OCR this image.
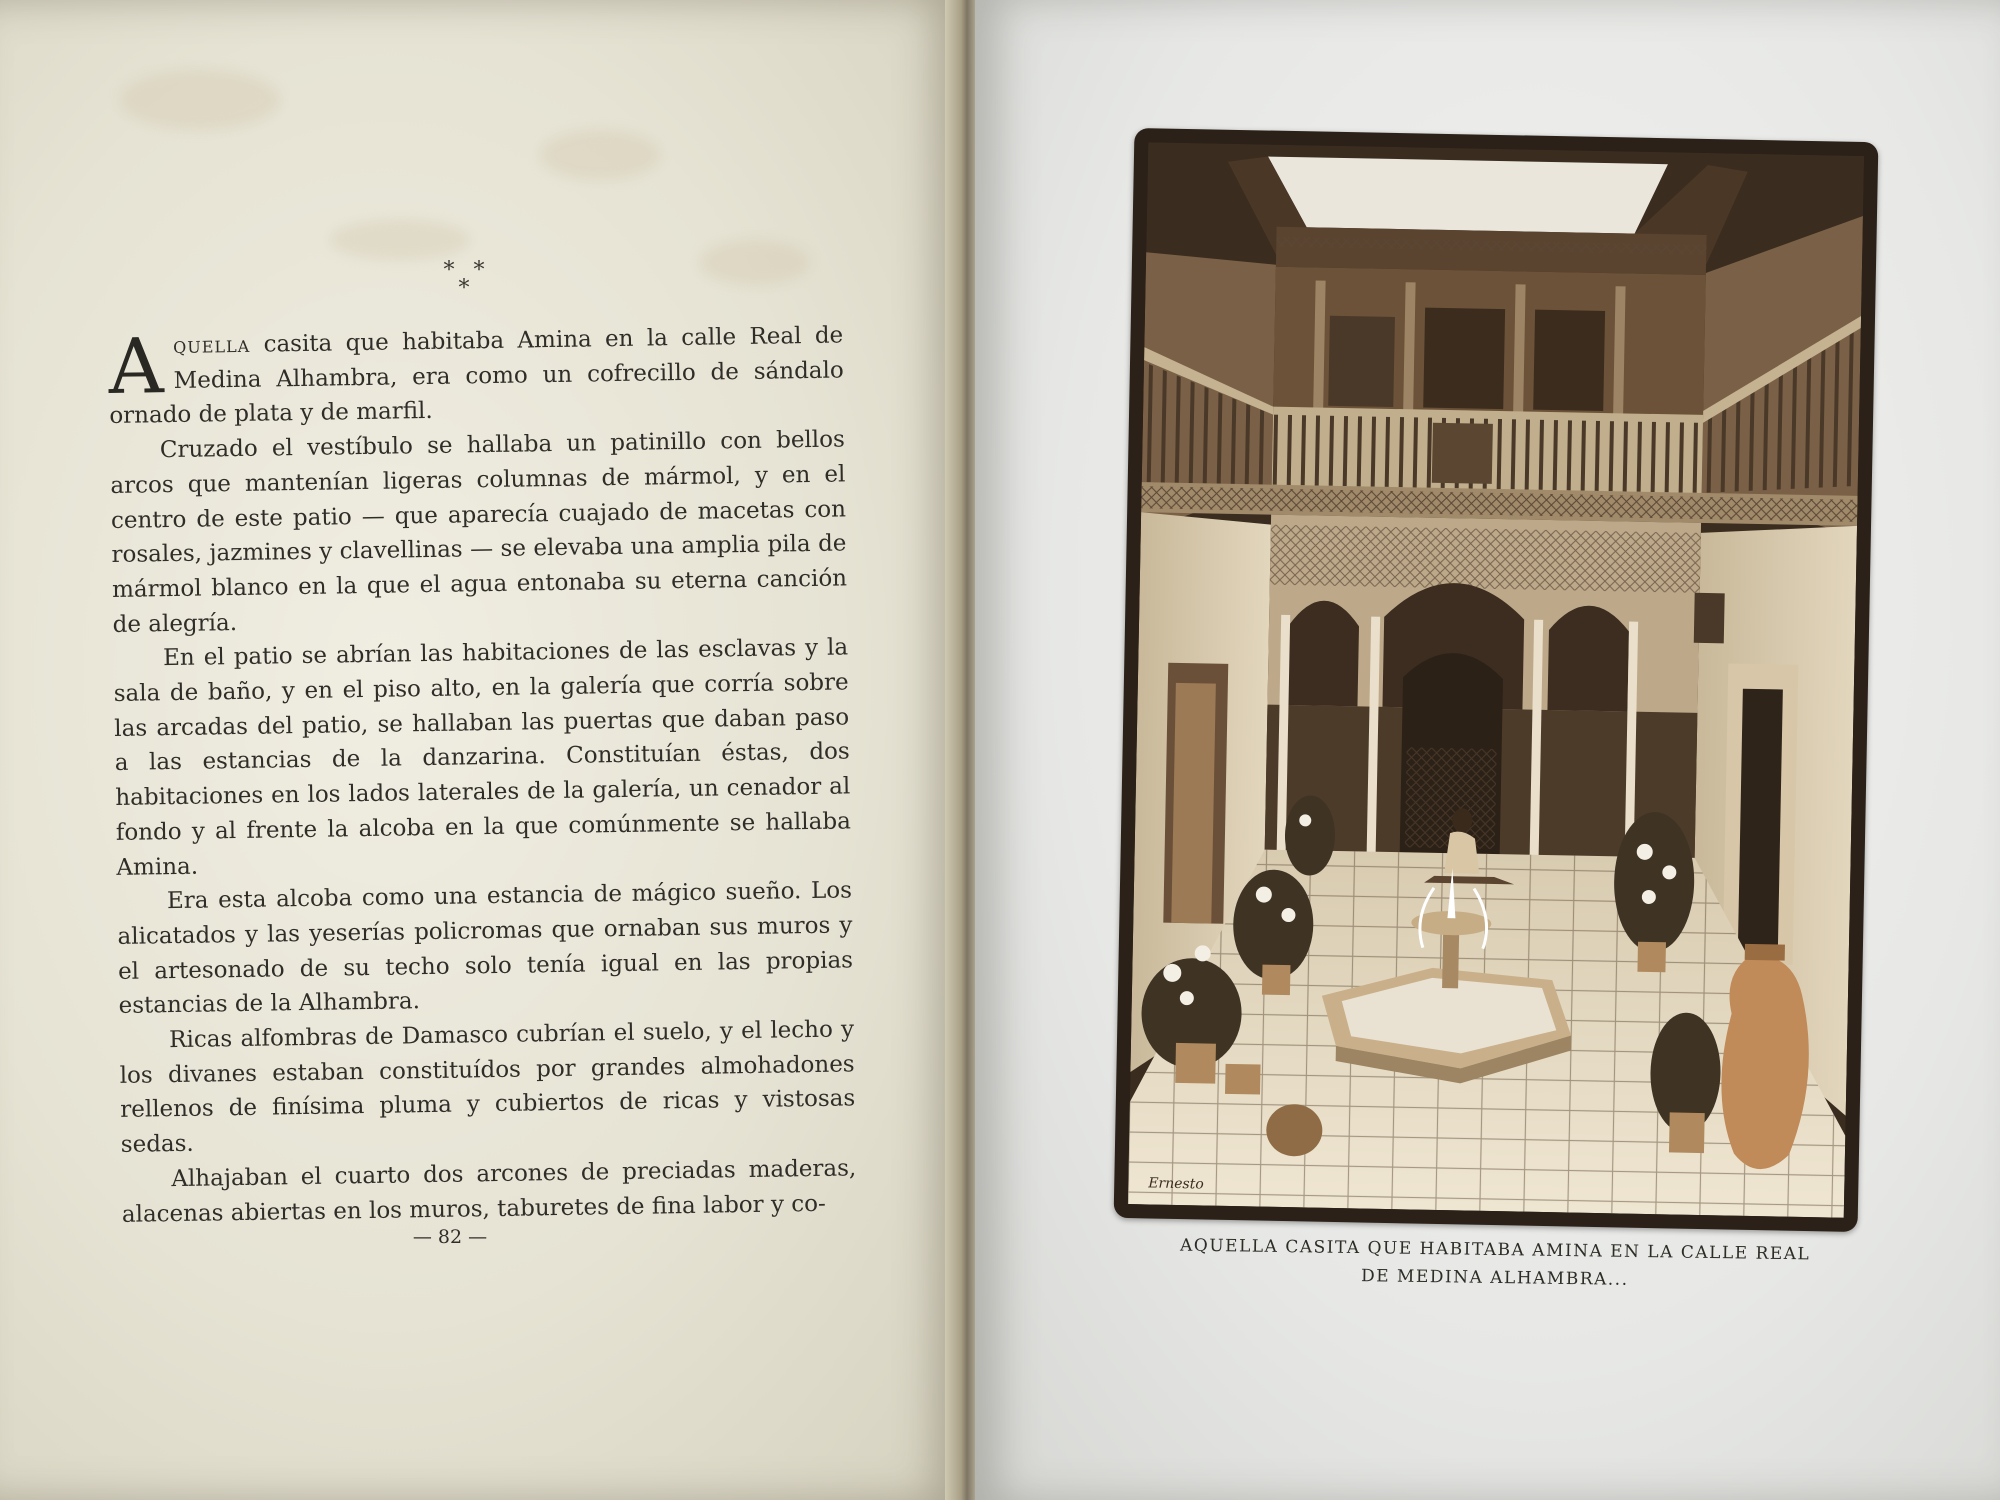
* * *

Aquella casita que habitaba Amina en la calle Real de Medina Alhambra, era como un cofrecillo de sándalo ornado de plata y de marfil.

Cruzado el vestíbulo se hallaba un patinillo con bellos arcos que mantenían ligeras columnas de mármol, y en el centro de este patio — que aparecía cuajado de macetas con rosales, jazmines y clavellinas — se elevaba una amplia pila de mármol blanco en la que el agua entonaba su eterna canción de alegría.

En el patio se abrían las habitaciones de las esclavas y la sala de baño, y en el piso alto, en la galería que corría sobre las arcadas del patio, se hallaban las puertas que daban paso a las estancias de la danzarina. Constituían éstas, dos habitaciones en los lados laterales de la galería, un cenador al fondo y al frente la alcoba en la que comúnmente se hallaba Amina.

Era esta alcoba como una estancia de mágico sueño. Los alicatados y las yeserías policromas que ornaban sus muros y el artesonado de su techo solo tenía igual en las propias estancias de la Alhambra.

Ricas alfombras de Damasco cubrían el suelo, y el lecho y los divanes estaban constituídos por grandes almohadones rellenos de finísima pluma y cubiertos de ricas y vistosas sedas.

Alhajaban el cuarto dos arcones de preciadas maderas, alacenas abiertas en los muros, taburetes de fina labor y co-

— 82 —
Ernesto
AQUELLA CASITA QUE HABITABA AMINA EN LA CALLE REAL
DE MEDINA ALHAMBRA...
